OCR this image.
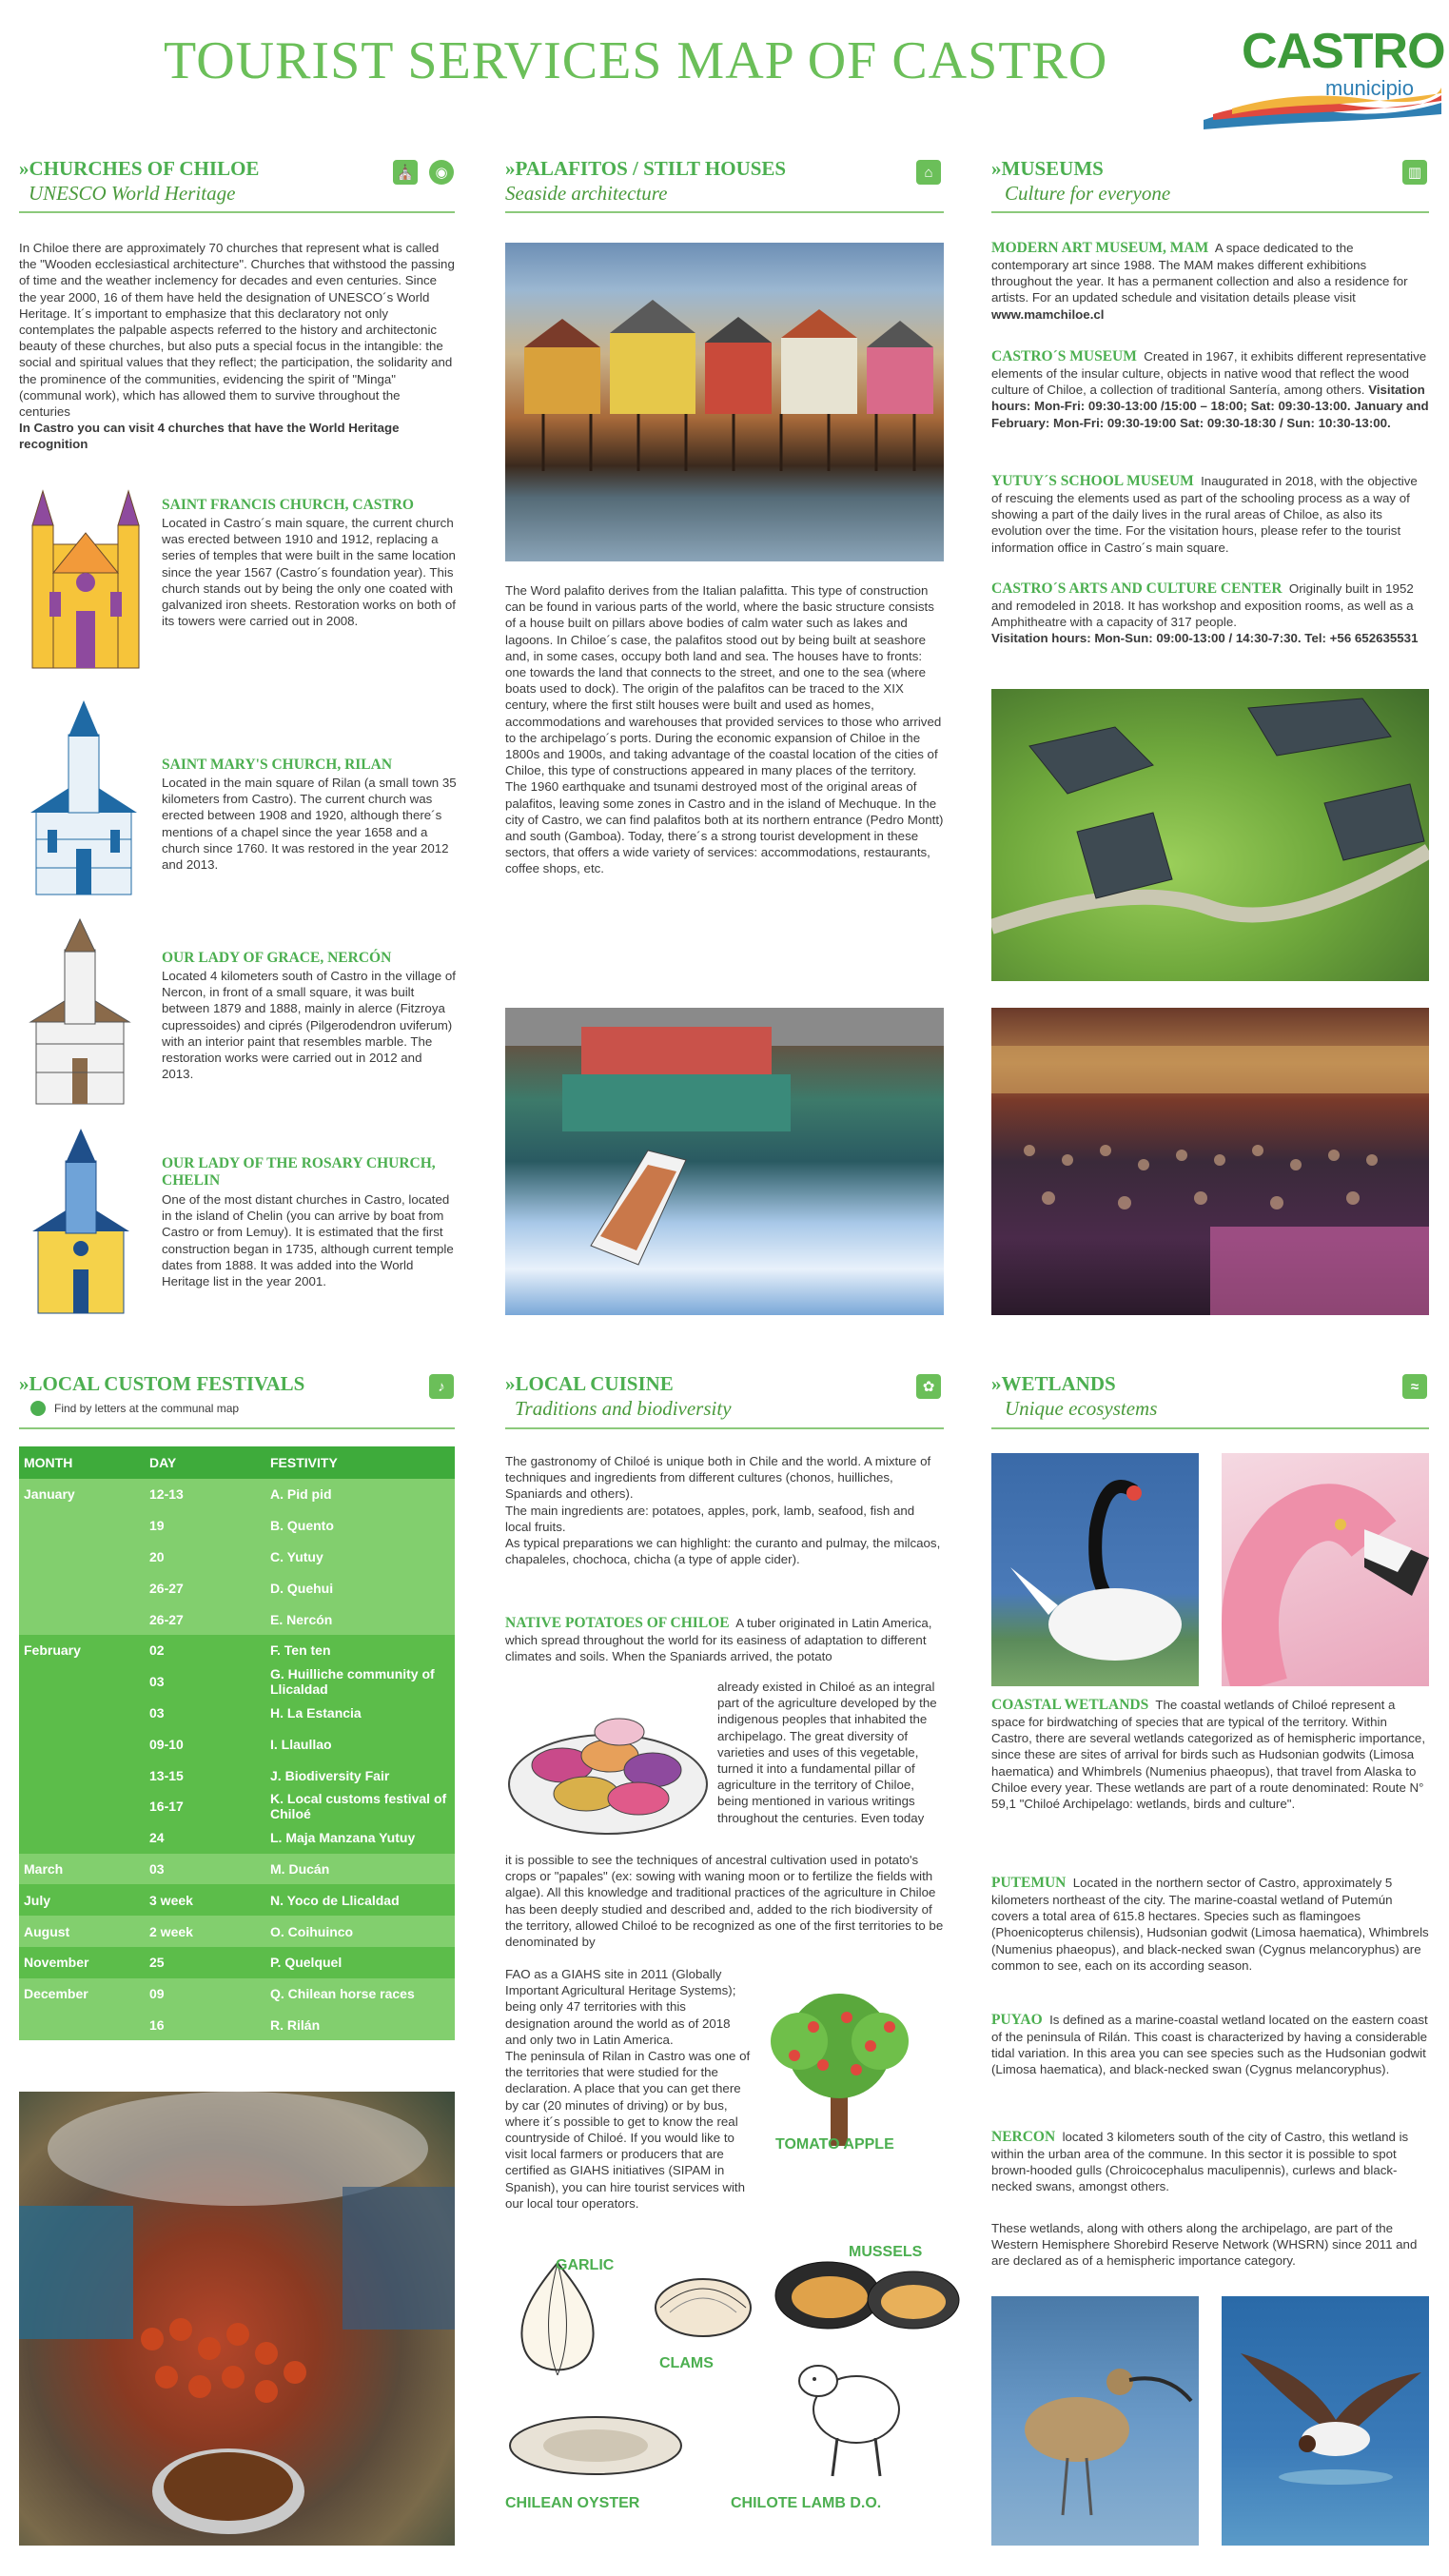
TOURIST SERVICES MAP OF CASTRO	CASTRO
municipio
»CHURCHES OF CHILOE
UNESCO World Heritage
⛪	◉
In Chiloe there are approximately 70 churches that represent what is called the "Wooden ecclesiastical architecture". Churches that withstood the passing of time and the weather inclemency for decades and even centuries. Since the year 2000, 16 of them have held the designation of UNESCO´s World Heritage. It´s important to emphasize that this declaratory not only contemplates the palpable aspects referred to the history and architectonic beauty of these churches, but also puts a special focus in the intangible: the social and spiritual values that they reflect; the participation, the solidarity and the prominence of the communities, evidencing the spirit of "Minga" (communal work), which has allowed them to survive throughout the centuries
In Castro you can visit 4 churches that have the World Heritage recognition
SAINT FRANCIS CHURCH, CASTRO
Located in Castro´s main square, the current church was erected between 1910 and 1912, replacing a series of temples that were built in the same location since the year 1567 (Castro´s foundation year). This church stands out by being the only one coated with galvanized iron sheets. Restoration works on both of its towers were carried out in 2008.
SAINT MARY'S CHURCH, RILAN
Located in the main square of Rilan (a small town 35 kilometers from Castro). The current church was erected between 1908 and 1920, although there´s mentions of a chapel since the year 1658 and a church since 1760. It was restored in the year 2012 and 2013.
OUR LADY OF GRACE, NERCÓN
Located 4 kilometers south of Castro in the village of Nercon, in front of a small square, it was built between 1879 and 1888, mainly in alerce (Fitzroya cupressoides) and ciprés (Pilgerodendron uviferum) with an interior paint that resembles marble. The restoration works were carried out in 2012 and 2013.
OUR LADY OF THE ROSARY CHURCH, CHELIN
One of the most distant churches in Castro, located in the island of Chelin (you can arrive by boat from Castro or from Lemuy). It is estimated that the first construction began in 1735, although current temple dates from 1888. It was added into the World Heritage list in the year 2001.
»PALAFITOS / STILT HOUSES
Seaside architecture
⌂
The Word palafito derives from the Italian palafitta. This type of construction can be found in various parts of the world, where the basic structure consists of a house built on pillars above bodies of calm water such as lakes and lagoons. In Chiloe´s case, the palafitos stood out by being built at seashore and, in some cases, occupy both land and sea. The houses have to fronts: one towards the land that connects to the street, and one to the sea (where boats used to dock). The origin of the palafitos can be traced to the XIX century, where the first stilt houses were built and used as homes, accommodations and warehouses that provided services to those who arrived to the archipelago´s ports. During the economic expansion of Chiloe in the 1800s and 1900s, and taking advantage of the coastal location of the cities of Chiloe, this type of constructions appeared in many places of the territory.
The 1960 earthquake and tsunami destroyed most of the original areas of palafitos, leaving some zones in Castro and in the island of Mechuque. In the city of Castro, we can find palafitos both at its northern entrance (Pedro Montt) and south (Gamboa). Today, there´s a strong tourist development in these sectors, that offers a wide variety of services: accommodations, restaurants, coffee shops, etc.
»MUSEUMS
Culture for everyone
▥
MODERN ART MUSEUM, MAM A space dedicated to the contemporary art since 1988. The MAM makes different exhibitions throughout the year. It has a permanent collection and also a residence for artists. For an updated schedule and visitation details please visit
www.mamchiloe.cl
CASTRO´S MUSEUM Created in 1967, it exhibits different representative elements of the insular culture, objects in native wood that reflect the wood culture of Chiloe, a collection of traditional Santería, among others. Visitation hours: Mon-Fri: 09:30-13:00 /15:00 – 18:00; Sat: 09:30-13:00. January and February: Mon-Fri: 09:30-19:00 Sat: 09:30-18:30 / Sun: 10:30-13:00.
YUTUY´S SCHOOL MUSEUM Inaugurated in 2018, with the objective of rescuing the elements used as part of the schooling process as a way of showing a part of the daily lives in the rural areas of Chiloe, as also its evolution over the time. For the visitation hours, please refer to the tourist information office in Castro´s main square.
CASTRO´S ARTS AND CULTURE CENTER Originally built in 1952 and remodeled in 2018. It has workshop and exposition rooms, as well as a Amphitheatre with a capacity of 317 people.
Visitation hours: Mon-Sun: 09:00-13:00 / 14:30-7:30. Tel: +56 652635531
»LOCAL CUSTOM FESTIVALS
Find by letters at the communal map
♪
MONTH	DAY	FESTIVITY
January	12-13	A. Pid pid
19	B. Quento
20	C. Yutuy
26-27	D. Quehui
26-27	E. Nercón
February	02	F. Ten ten
03	G. Huilliche community of Llicaldad
03	H. La Estancia
09-10	I. Llaullao
13-15	J. Biodiversity Fair
16-17	K. Local customs festival of Chiloé
24	L. Maja Manzana Yutuy
March	03	M. Ducán
July	3 week	N. Yoco de Llicaldad
August	2 week	O. Coihuinco
November	25	P. Quelquel
December	09	Q. Chilean horse races
16	R. Rilán
»LOCAL CUISINE
Traditions and biodiversity
✿
The gastronomy of Chiloé is unique both in Chile and the world. A mixture of techniques and ingredients from different cultures (chonos, huilliches, Spaniards and others).
The main ingredients are: potatoes, apples, pork, lamb, seafood, fish and local fruits.
As typical preparations we can highlight: the curanto and pulmay, the milcaos, chapaleles, chochoca, chicha (a type of apple cider).
NATIVE POTATOES OF CHILOE A tuber originated in Latin America, which spread throughout the world for its easiness of adaptation to different climates and soils. When the Spaniards arrived, the potato
already existed in Chiloé as an integral part of the agriculture developed by the indigenous peoples that inhabited the archipelago. The great diversity of varieties and uses of this vegetable, turned it into a fundamental pillar of agriculture in the territory of Chiloe, being mentioned in various writings throughout the centuries. Even today
it is possible to see the techniques of ancestral cultivation used in potato's crops or "papales" (ex: sowing with waning moon or to fertilize the fields with algae). All this knowledge and traditional practices of the agriculture in Chiloe has been deeply studied and described and, added to the rich biodiversity of the territory, allowed Chiloé to be recognized as one of the first territories to be denominated by
FAO as a GIAHS site in 2011 (Globally Important Agricultural Heritage Systems); being only 47 territories with this designation around the world as of 2018 and only two in Latin America.
The peninsula of Rilan in Castro was one of the territories that were studied for the declaration. A place that you can get there by car (20 minutes of driving) or by bus, where it´s possible to get to know the real countryside of Chiloé. If you would like to visit local farmers or producers that are certified as GIAHS initiatives (SIPAM in Spanish), you can hire tourist services with our local tour operators.
TOMATO APPLE
GARLIC
CLAMS
MUSSELS
CHILEAN OYSTER	CHILOTE LAMB D.O.
»WETLANDS
Unique ecosystems
≈
COASTAL WETLANDS The coastal wetlands of Chiloé represent a space for birdwatching of species that are typical of the territory. Within Castro, there are several wetlands categorized as of hemispheric importance, since these are sites of arrival for birds such as Hudsonian godwits (Limosa haematica) and Whimbrels (Numenius phaeopus), that travel from Alaska to Chiloe every year. These wetlands are part of a route denominated: Route N° 59,1 "Chiloé Archipelago: wetlands, birds and culture".
PUTEMUN Located in the northern sector of Castro, approximately 5 kilometers northeast of the city. The marine-coastal wetland of Putemún covers a total area of 615.8 hectares. Species such as flamingoes (Phoenicopterus chilensis), Hudsonian godwit (Limosa haematica), Whimbrels (Numenius phaeopus), and black-necked swan (Cygnus melancoryphus) are common to see, each on its according season.
PUYAO Is defined as a marine-coastal wetland located on the eastern coast of the peninsula of Rilán. This coast is characterized by having a considerable tidal variation. In this area you can see species such as the Hudsonian godwit (Limosa haematica), and black-necked swan (Cygnus melancoryphus).
NERCON located 3 kilometers south of the city of Castro, this wetland is within the urban area of the commune. In this sector it is possible to spot brown-hooded gulls (Chroicocephalus maculipennis), curlews and black-necked swans, amongst others.
These wetlands, along with others along the archipelago, are part of the Western Hemisphere Shorebird Reserve Network (WHSRN) since 2011 and are declared as of a hemispheric importance category.
